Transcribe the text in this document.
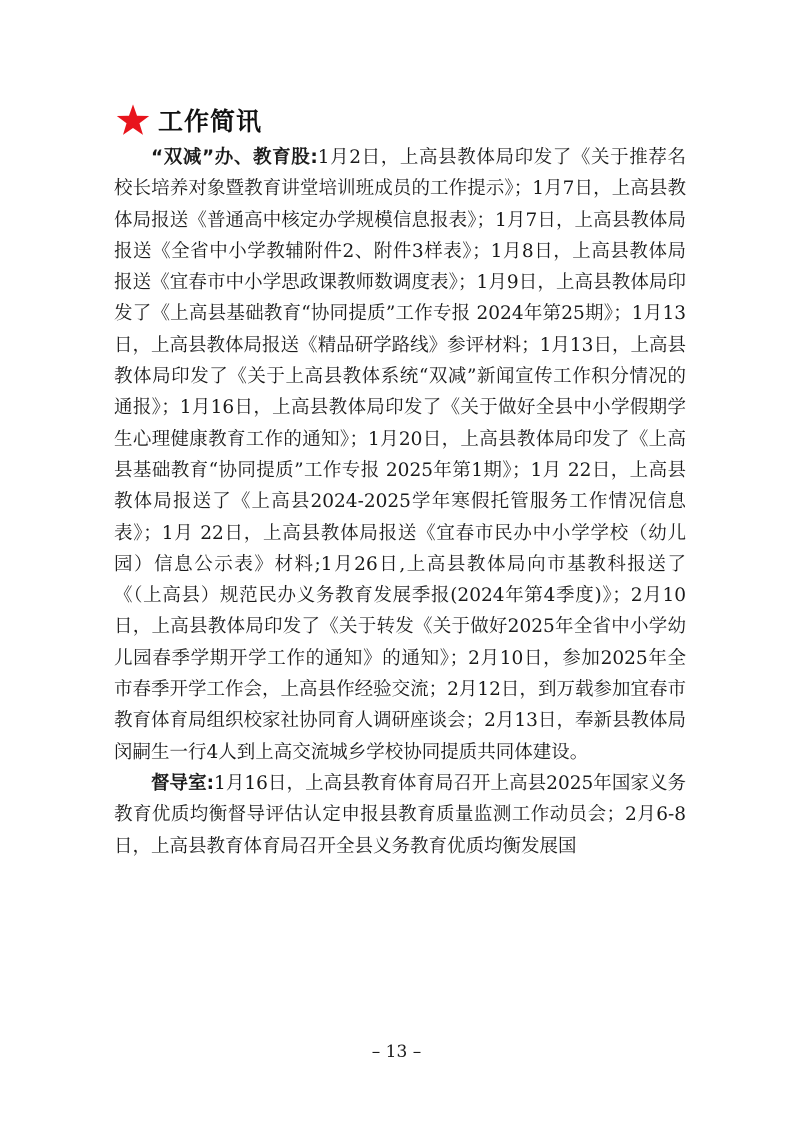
工作简讯

“双减”办、教育股:1月2日，上高县教体局印发了《关于推荐名校长培养对象暨教育讲堂培训班成员的工作提示》；1月7日，上高县教体局报送《普通高中核定办学规模信息报表》；1月7日，上高县教体局报送《全省中小学教辅附件2、附件3样表》；1月8日，上高县教体局报送《宜春市中小学思政课教师数调度表》；1月9日，上高县教体局印发了《上高县基础教育“协同提质”工作专报 2024年第25期》；1月13日，上高县教体局报送《精品研学路线》参评材料；1月13日，上高县教体局印发了《关于上高县教体系统“双减”新闻宣传工作积分情况的通报》；1月16日，上高县教体局印发了《关于做好全县中小学假期学生心理健康教育工作的通知》；1月20日，上高县教体局印发了《上高县基础教育“协同提质”工作专报 2025年第1期》；1月 22日，上高县教体局报送了《上高县2024-2025学年寒假托管服务工作情况信息表》；1月 22日，上高县教体局报送《宜春市民办中小学学校（幼儿园）信息公示表》材料;1月26日,上高县教体局向市基教科报送了《（上高县）规范民办义务教育发展季报(2024年第4季度)》；2月10日，上高县教体局印发了《关于转发《关于做好2025年全省中小学幼儿园春季学期开学工作的通知》的通知》；2月10日，参加2025年全市春季开学工作会，上高县作经验交流；2月12日，到万载参加宜春市教育体育局组织校家社协同育人调研座谈会；2月13日，奉新县教体局闵嗣生一行4人到上高交流城乡学校协同提质共同体建设。

督导室:1月16日，上高县教育体育局召开上高县2025年国家义务教育优质均衡督导评估认定申报县教育质量监测工作动员会；2月6-8日，上高县教育体育局召开全县义务教育优质均衡发展国

– 13 –
